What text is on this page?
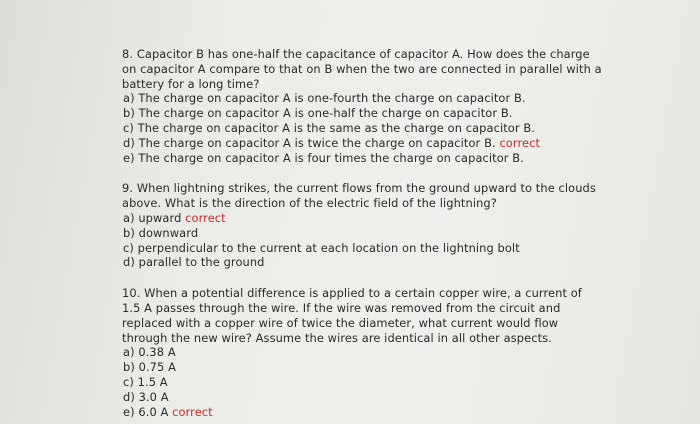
8. Capacitor B has one-half the capacitance of capacitor A. How does the charge on capacitor A compare to that on B when the two are connected in parallel with a battery for a long time?
a) The charge on capacitor A is one-fourth the charge on capacitor B.
b) The charge on capacitor A is one-half the charge on capacitor B.
c) The charge on capacitor A is the same as the charge on capacitor B.
d) The charge on capacitor A is twice the charge on capacitor B. correct
e) The charge on capacitor A is four times the charge on capacitor B.
9. When lightning strikes, the current flows from the ground upward to the clouds above. What is the direction of the electric field of the lightning?
a) upward correct
b) downward
c) perpendicular to the current at each location on the lightning bolt
d) parallel to the ground
10. When a potential difference is applied to a certain copper wire, a current of 1.5 A passes through the wire. If the wire was removed from the circuit and replaced with a copper wire of twice the diameter, what current would flow through the new wire? Assume the wires are identical in all other aspects.
a) 0.38 A
b) 0.75 A
c) 1.5 A
d) 3.0 A
e) 6.0 A correct
